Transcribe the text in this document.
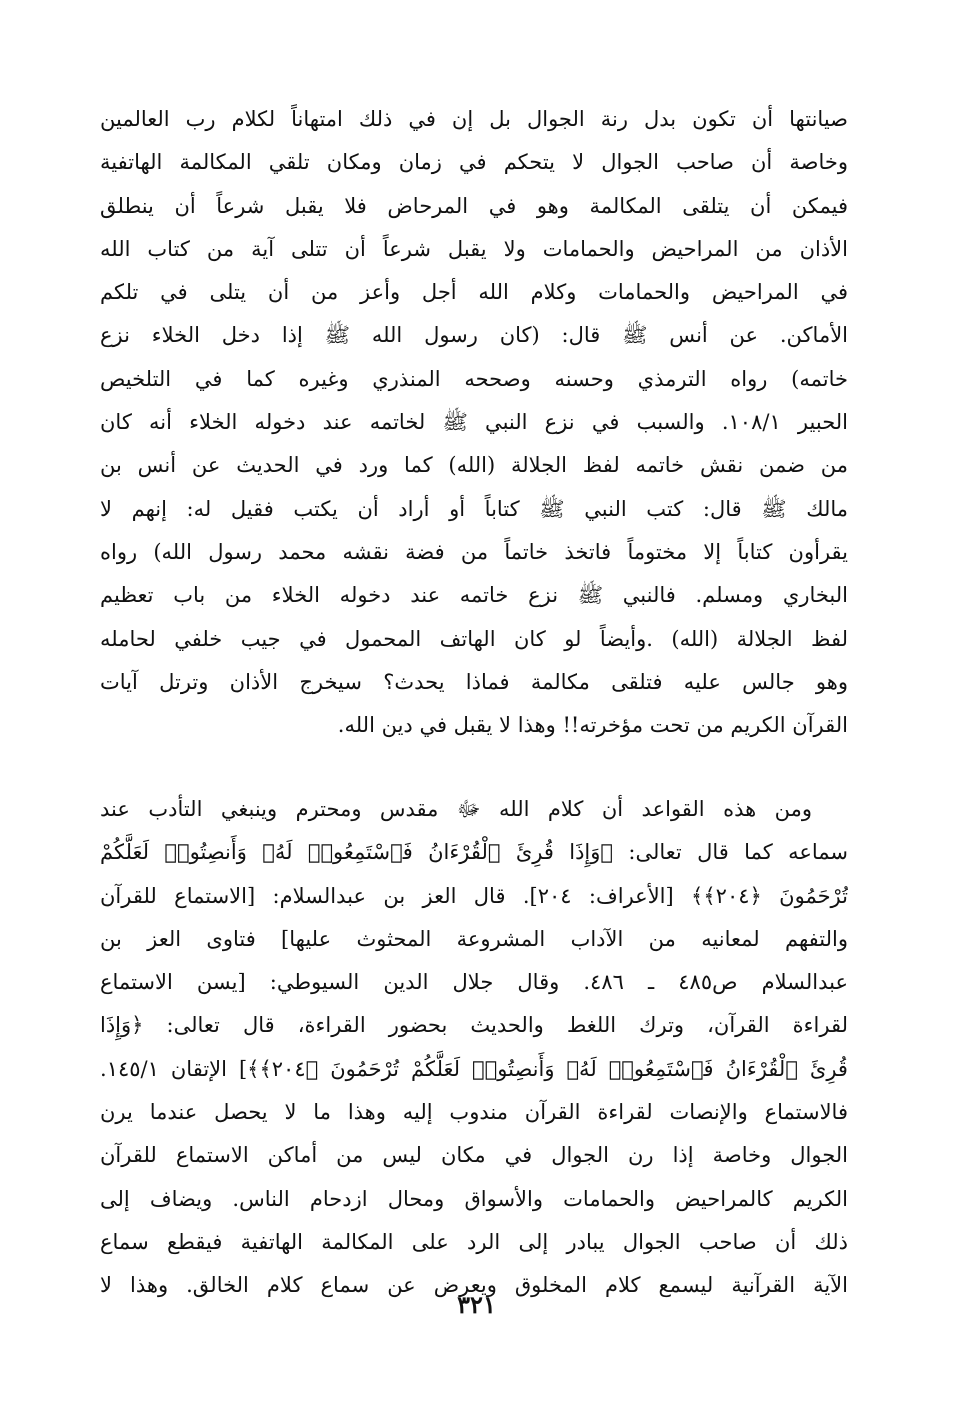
صيانتها أن تكون بدل رنة الجوال بل إن في ذلك امتهاناً لكلام رب العالمين
وخاصة أن صاحب الجوال لا يتحكم في زمان ومكان تلقي المكالمة الهاتفية
فيمكن أن يتلقى المكالمة وهو في المرحاض فلا يقبل شرعاً أن ينطلق
الأذان من المراحيض والحمامات ولا يقبل شرعاً أن تتلى آية من كتاب الله
في المراحيض والحمامات وكلام الله أجل وأعز من أن يتلى في تلكم
الأماكن. عن أنس ﷺ قال: (كان رسول الله ﷺ إذا دخل الخلاء نزع
خاتمه) رواه الترمذي وحسنه وصححه المنذري وغيره كما في التلخيص
الحبير ١٠٨/١. والسبب في نزع النبي ﷺ لخاتمه عند دخوله الخلاء أنه كان
من ضمن نقش خاتمه لفظ الجلالة (الله) كما ورد في الحديث عن أنس بن
مالك ﷺ قال: كتب النبي ﷺ كتاباً أو أراد أن يكتب فقيل له: إنهم لا
يقرأون كتاباً إلا مختوماً فاتخذ خاتماً من فضة نقشه محمد رسول الله) رواه
البخاري ومسلم. فالنبي ﷺ نزع خاتمه عند دخوله الخلاء من باب تعظيم
لفظ الجلالة (الله) .وأيضاً لو كان الهاتف المحمول في جيب خلفي لحامله
وهو جالس عليه فتلقى مكالمة فماذا يحدث؟ سيخرج الأذان وترتل آيات
القرآن الكريم من تحت مؤخرته!! وهذا لا يقبل في دين الله.
ومن هذه القواعد أن كلام الله ﷻ مقدس ومحترم وينبغي التأدب عند
سماعه كما قال تعالى: ﴿وَإِذَا قُرِئَ ٱلْقُرْءَانُ فَٱسْتَمِعُوا۟ لَهُۥ وَأَنصِتُوا۟ لَعَلَّكُمْ
تُرْحَمُونَ ﴿٢٠٤﴾﴾ [الأعراف: ٢٠٤]. قال العز بن عبدالسلام: [الاستماع للقرآن
والتفهم لمعانيه من الآداب المشروعة المحثوث عليها] فتاوى العز بن
عبدالسلام ص٤٨٥ ـ ٤٨٦. وقال جلال الدين السيوطي: [يسن الاستماع
لقراءة القرآن، وترك اللغط والحديث بحضور القراءة، قال تعالى: ﴿وَإِذَا
قُرِئَ ٱلْقُرْءَانُ فَٱسْتَمِعُوا۟ لَهُۥ وَأَنصِتُوا۟ لَعَلَّكُمْ تُرْحَمُونَ ﴿٢٠٤﴾﴾] الإتقان ١٤٥/١.
فالاستماع والإنصات لقراءة القرآن مندوب إليه وهذا ما لا يحصل عندما يرن
الجوال وخاصة إذا رن الجوال في مكان ليس من أماكن الاستماع للقرآن
الكريم كالمراحيض والحمامات والأسواق ومحال ازدحام الناس. ويضاف إلى
ذلك أن صاحب الجوال يبادر إلى الرد على المكالمة الهاتفية فيقطع سماع
الآية القرآنية ليسمع كلام المخلوق ويعرض عن سماع كلام الخالق. وهذا لا
٣٢١
